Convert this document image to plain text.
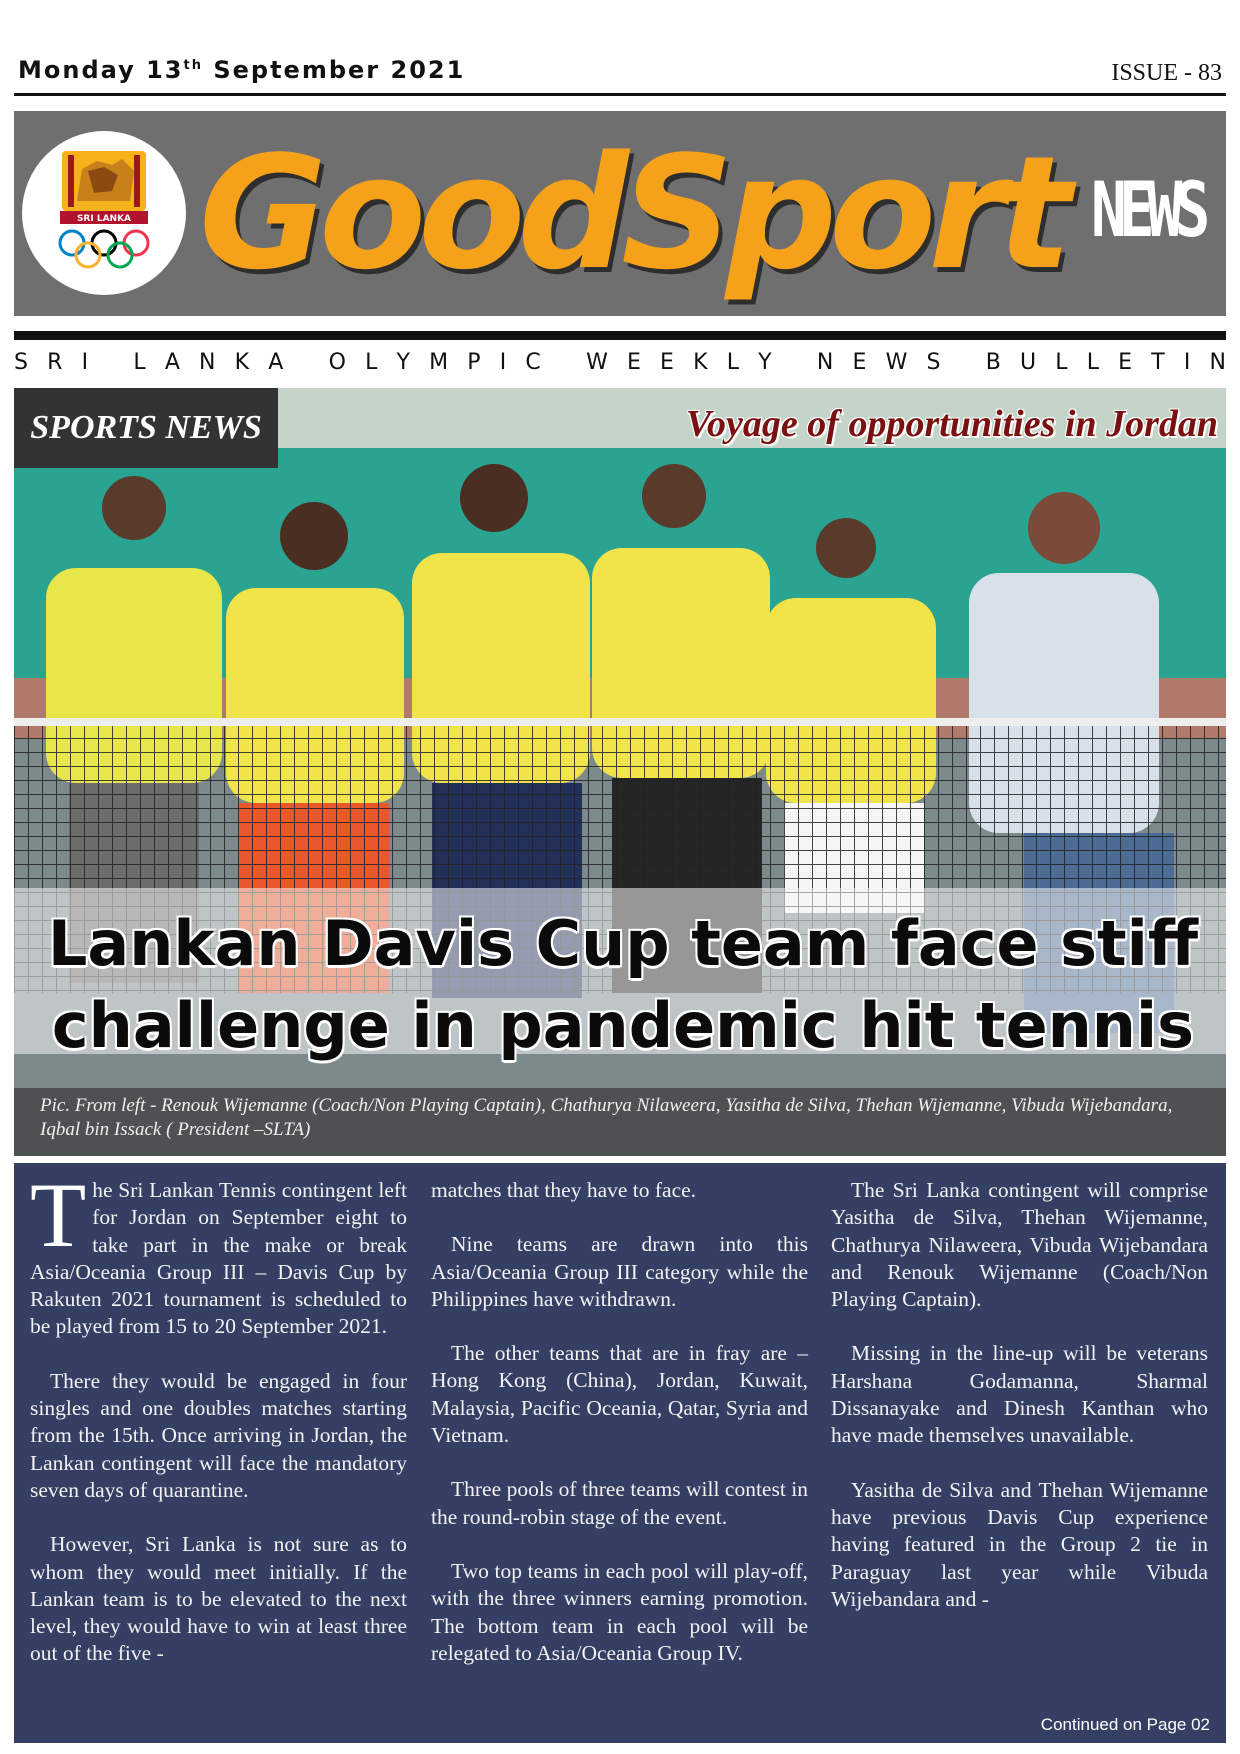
Monday 13th September 2021	ISSUE - 83
SRI LANKA GoodSport NEWS
S R I
L A N K A
O L Y M P I C
W E E K L Y
N E W S
B U L L E T I N
SPORTS NEWS	Voyage of opportunities in Jordan
Lankan Davis Cup team face stiff
challenge in pandemic hit tennis
Pic. From left - Renouk Wijemanne (Coach/Non Playing Captain), Chathurya Nilaweera, Yasitha de Silva, Thehan Wijemanne, Vibuda Wijebandara, Iqbal bin Issack ( President –SLTA)

The Sri Lankan Tennis contingent left for Jordan on September eight to take part in the make or break Asia/Oceania Group III – Davis Cup by Rakuten 2021 tournament is scheduled to be played from 15 to 20 September 2021.

There they would be engaged in four singles and one doubles matches starting from the 15th. Once arriving in Jordan, the Lankan contingent will face the mandatory seven days of quarantine.

However, Sri Lanka is not sure as to whom they would meet initially. If the Lankan team is to be elevated to the next level, they would have to win at least three out of the five -

matches that they have to face.

Nine teams are drawn into this Asia/Oceania Group III category while the Philippines have withdrawn.

The other teams that are in fray are – Hong Kong (China), Jordan, Kuwait, Malaysia, Pacific Oceania, Qatar, Syria and Vietnam.

Three pools of three teams will contest in the round-robin stage of the event.

Two top teams in each pool will play-off, with the three winners earning promotion. The bottom team in each pool will be relegated to Asia/Oceania Group IV.

The Sri Lanka contingent will comprise Yasitha de Silva, Thehan Wijemanne, Chathurya Nilaweera, Vibuda Wijebandara and Renouk Wijemanne (Coach/Non Playing Captain).

Missing in the line-up will be veterans Harshana Godamanna, Sharmal Dissanayake and Dinesh Kanthan who have made themselves unavailable.

Yasitha de Silva and Thehan Wijemanne have previous Davis Cup experience having featured in the Group 2 tie in Paraguay last year while Vibuda Wijebandara and -

Continued on Page 02
